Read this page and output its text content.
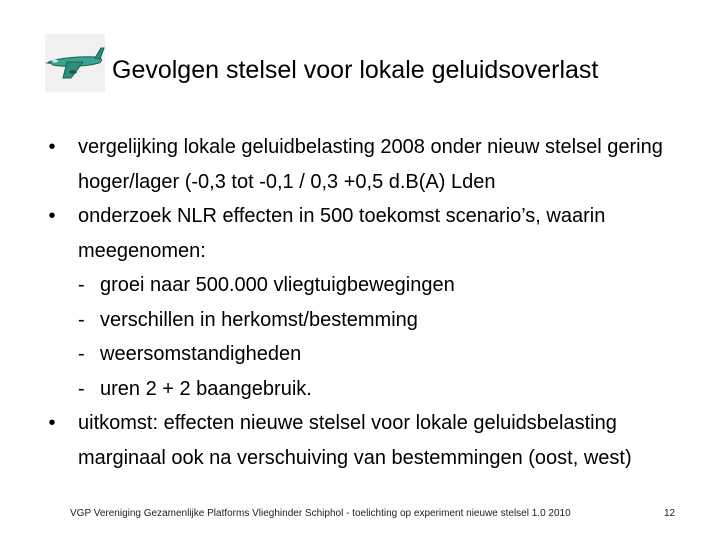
Gevolgen stelsel voor lokale geluidsoverlast
•	vergelijking lokale geluidbelasting 2008 onder nieuw stelsel gering hoger/lager (-0,3 tot -0,1 / 0,3 +0,5 d.B(A) Lden
•	onderzoek NLR effecten in 500 toekomst scenario’s, waarin meegenomen:
- groei naar 500.000 vliegtuigbewegingen
- verschillen in herkomst/bestemming
- weersomstandigheden
- uren 2 + 2 baangebruik.
•	uitkomst: effecten nieuwe stelsel voor lokale geluidsbelasting marginaal ook na verschuiving van bestemmingen (oost, west)
VGP Vereniging Gezamenlijke Platforms Vlieghinder Schiphol - toelichting op experiment nieuwe stelsel 1.0 2010	12
